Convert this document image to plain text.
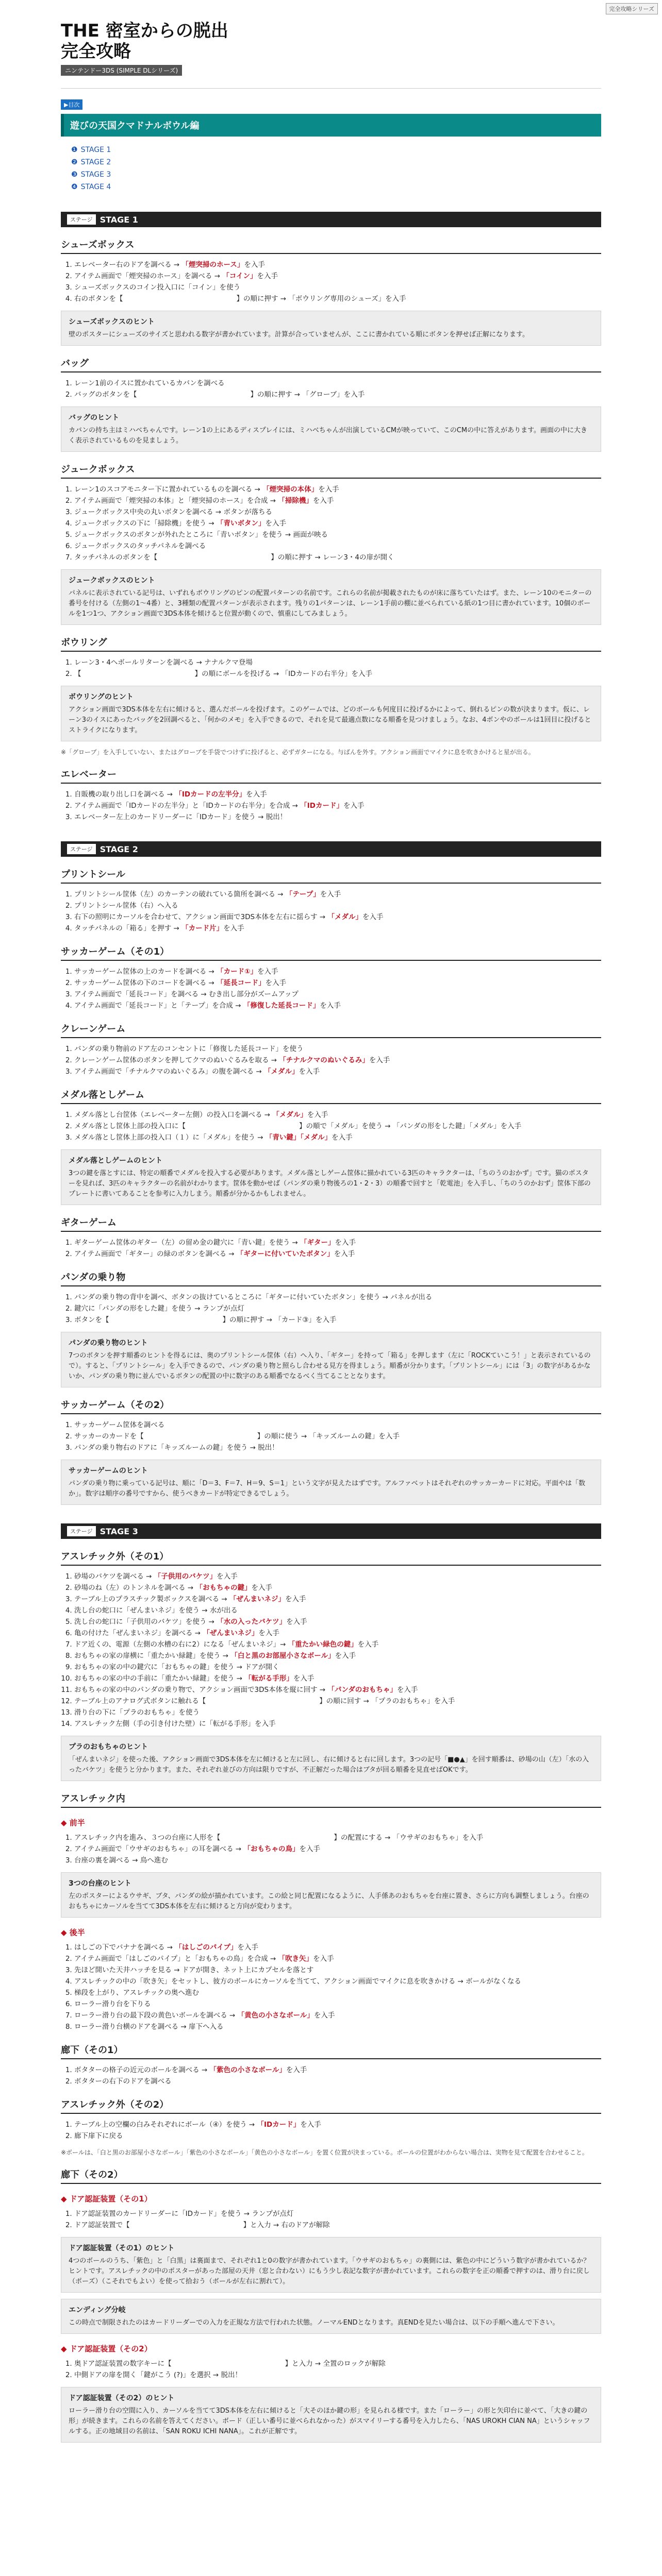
完全攻略シリーズ
THE 密室からの脱出
完全攻略
ニンテンドー3DS (SIMPLE DLシリーズ)
▶目次
遊びの天国クマドナルボウル編
❶ STAGE 1
❷ STAGE 2
❸ STAGE 3
❹ STAGE 4
ステージ STAGE 1
シューズボックス
1. エレベーター右のドアを調べる → 「煙突掃のホース」を入手
2. アイテム画面で「煙突掃のホース」を調べる → 「コイン」を入手
3. シューズボックスのコイン投入口に「コイン」を使う
4. 右のボタンを【	】の順に押す → 「ボウリング専用のシューズ」を入手
シューズボックスのヒント
壁のポスターにシューズのサイズと思われる数字が書かれています。計算が合っていませんが、ここに書かれている順にボタンを押せば正解になります。
バッグ
1. レーン1前のイスに置かれているカバンを調べる
2. バッグのボタンを【	】の順に押す → 「グローブ」を入手
バッグのヒント
カバンの持ち主はミハベちゃんです。レーン1の上にあるディスプレイには、ミハベちゃんが出演しているCMが映っていて、このCMの中に答えがあります。画面の中に大きく表示されているものを見ましょう。
ジュークボックス
1. レーン1のスコアモニター下に置かれているものを調べる → 「煙突掃の本体」を入手
2. アイテム画面で「煙突掃の本体」と「煙突掃のホース」を合成 → 「掃除機」を入手
3. ジュークボックス中央の丸いボタンを調べる → ボタンが落ちる
4. ジュークボックスの下に「掃除機」を使う → 「青いボタン」を入手
5. ジュークボックスのボタンが外れたところに「青いボタン」を使う → 画面が映る
6. ジュークボックスのタッチパネルを調べる
7. タッチパネルのボタンを【	】の順に押す → レーン3・4の扉が開く
ジュークボックスのヒント
パネルに表示されている記号は、いずれもボウリングのピンの配置パターンの名前です。これらの名前が掲載されたものが床に落ちていたはず。また、レーン10のモニターの番号を付ける（左側の1～4番）と、3種類の配置パターンが表示されます。残りの1パターンは、レーン1手前の棚に並べられている紙の1つ目に書かれています。10個のボールを1つ1つ、アクション画面で3DS本体を傾けると位置が動くので、慎重にしてみましょう。
ボウリング
1. レーン3・4へボールリターンを調べる → ナナルクマ登場
2. 【	】の順にボールを投げる → 「IDカードの右半分」を入手
ボウリングのヒント
アクション画面で3DS本体を左右に傾けると、選んだボールを投げます。このゲームでは、どのボールも何度目に投げるかによって、倒れるピンの数が決まります。仮に、レーン3のイスにあったバッグを2回調べると、「何かのメモ」を入手できるので、それを見て最適点数になる順番を見つけましょう。なお、4ボンやのボールは1回目に投げるとストライクになります。
※「グローブ」を入手していない、またはグローブを手袋でつけずに投げると、必ずガターになる。与ばんを外す。アクション画面でマイクに息を吹きかけると星が出る。
エレベーター
1. 自販機の取り出し口を調べる → 「IDカードの左半分」を入手
2. アイテム画面で「IDカードの左半分」と「IDカードの右半分」を合成 → 「IDカード」を入手
3. エレベーター左上のカードリーダーに「IDカード」を使う → 脱出！
ステージ STAGE 2
プリントシール
1. プリントシール筐体（左）のカーテンの破れている箇所を調べる → 「テープ」を入手
2. プリントシール筐体（右）へ入る
3. 右下の照明にカーソルを合わせて、アクション画面で3DS本体を左右に揺らす → 「メダル」を入手
4. タッチパネルの「箱る」を押す → 「カード片」を入手
サッカーゲーム（その1）
1. サッカーゲーム筐体の上のカードを調べる → 「カード①」を入手
2. サッカーゲーム筐体の下のコードを調べる → 「延長コード」を入手
3. アイテム画面で「延長コード」を調べる → むき出し部分がズームアップ
4. アイテム画面で「延長コード」と「テープ」を合成 → 「修復した延長コード」を入手
クレーンゲーム
1. バンダの乗り物前のドア左のコンセントに「修復した延長コード」を使う
2. クレーンゲーム筐体のボタンを押してクマのぬいぐるみを取る → 「チナルクマのぬいぐるみ」を入手
3. アイテム画面で「チナルクマのぬいぐるみ」の腹を調べる → 「メダル」を入手
メダル落としゲーム
1. メダル落とし台筐体（エレベーター左側）の投入口を調べる → 「メダル」を入手
2. メダル落とし筐体上部の投入口に【	】の順で「メダル」を使う → 「パンダの形をした鍵」「メダル」を入手
3. メダル落とし筐体上部の投入口（１）に「メダル」を使う → 「青い鍵」「メダル」を入手
メダル落としゲームのヒント
3つの鍵を落とすには、特定の順番でメダルを投入する必要があります。メダル落としゲーム筐体に描かれている3匹のキャラクターは、「ちのうのおかず」です。猫のポスターを見れば、3匹のキャラクターの名前がわかります。筐体を動かせば（パンダの乗り物後ろの1・2・3）の順番で回すと「乾電池」を入手し、「ちのうのかおず」筐体下部のプレートに書いてあることを参考に入力しまう。順番が分かるかもしれません。
ギターゲーム
1. ギターゲーム筐体のギター（左）の留め金の鍵穴に「青い鍵」を使う → 「ギター」を入手
2. アイテム画面で「ギター」の緑のボタンを調べる → 「ギターに付いていたボタン」を入手
パンダの乗り物
1. パンダの乗り物の背中を調べ、ボタンの抜けているところに「ギターに付いていたボタン」を使う → パネルが出る
2. 鍵穴に「パンダの形をした鍵」を使う → ランプが点灯
3. ボタンを【	】の順に押す → 「カード③」を入手
パンダの乗り物のヒント
7つのボタンを押す順番のヒントを得るには、奥のプリントシール筐体（右）へ入り、「ギター」を持って「箱る」を押します（左に「ROCKていこう！」と表示されているので）。すると、「プリントシール」を入手できるので、パンダの乗り物と照らし合わせる見方を得ましょう。順番が分かります。「プリントシール」には「3」の数字があるかないか、パンダの乗り物に並んでいるボタンの配置の中に数字のある順番でなるべく当てることとなります。
サッカーゲーム（その2）
1. サッカーゲーム筐体を調べる
2. サッカーのカードを【	】の順に使う → 「キッズルームの鍵」を入手
3. パンダの乗り物右のドアに「キッズルームの鍵」を使う → 脱出！
サッカーゲームのヒント
パンダの乗り物に乗っている記号は、順に「D＝3、F＝7、H＝9、S＝1」という文字が見えたはずです。アルファベットはそれぞれのサッカーカードに対応。平面やは「数か」。数字は順序の番号ですから、使うべきカードが特定できるでしょう。
ステージ STAGE 3
アスレチック外（その1）
1. 砂場のバケツを調べる → 「子供用のバケツ」を入手
2. 砂場のね（左）のトンネルを調べる → 「おもちゃの鍵」を入手
3. テーブル上のプラスチック製ボックスを調べる → 「ぜんまいネジ」を入手
4. 洗し台の蛇口に「ぜんまいネジ」を使う → 水が出る
5. 洗し台の蛇口に「子供用のバケツ」を使う → 「水の入ったバケツ」を入手
6. 亀の付けた「ぜんまいネジ」を調べる → 「ぜんまいネジ」を入手
7. ドア近くの、電源（左側の水槽の右に2）になる「ぜんまいネジ」→ 「重たかい緑色の鍵」を入手
8. おもちゃの家の扉横に「重たかい緑鍵」を使う → 「白と黒のお部屋小さなボール」を入手
9. おもちゃの家の中の鍵穴に「おもちゃの鍵」を使う → ドアが開く
10. おもちゃの家の中の手前に「重たかい緑鍵」を使う → 「転がる手形」を入手
11. おもちゃの家の中のパンダの乗り物で、アクション画面で3DS本体を縦に回す → 「パンダのおもちゃ」を入手
12. テーブル上のアナログ式ボタンに触れる【	】の順に回す → 「プラのおもちゃ」を入手
13. 滑り台の下に「プラのおもちゃ」を使う
14. アスレチック左側（手の引き付けた壁）に「転がる手形」を入手
プラのおもちゃのヒント
「ぜんまいネジ」を使った後、アクション画面で3DS本体を左に傾けると左に回し、右に傾けると右に回します。3つの記号「■●▲」を回す順番は、砂場の山（左）「水の入ったバケツ」を使うと分かります。また、それぞれ並びの方向は限りですが、不正解だった場合はブタが回る順番を見直せばOKです。
アスレチック内
◆ 前半
1. アスレチック内を進み、３つの台座に人形を【	】の配置にする → 「ウサギのおもちゃ」を入手
2. アイテム画面で「ウサギのおもちゃ」の耳を調べる → 「おもちゃの鳥」を入手
3. 台座の裏を調べる → 鳥へ進む
3つの台座のヒント
左のポスターによるウサギ、ブタ、パンダの絵が描かれています。この絵と同じ配置になるように、人手係あのおもちゃを台座に置き、さらに方向も調整しましょう。台座のおもちゃにカーソルを当てて3DS本体を左右に傾けると方向が変わります。
◆ 後半
1. はしごの下でバナナを調べる → 「はしごのパイプ」を入手
2. アイテム画面で「はしごのパイプ」と「おもちゃの鳥」を合成 → 「吹き矢」を入手
3. 先ほど開いた天井ハッチを見る → ドアが開き、ネット上にカプセルを落とす
4. アスレチックの中の「吹き矢」をセットし、彼方のボールにカーソルを当てて、アクション画面でマイクに息を吹きかける → ボールがなくなる
5. 梯段を上がり、アスレチックの奥へ進む
6. ローラー滑り台を下りる
7. ローラー滑り台の最下段の黄色いボールを調べる → 「黄色の小さなボール」を入手
8. ローラー滑り台横のドアを調べる → 扉下へ入る
廊下（その1）
1. ボタターの格子の近元のボールを調べる → 「紫色の小さなボール」を入手
2. ボタターの右下のドアを調べる
アスレチック外（その2）
1. テーブル上の空欄の白みそれぞれにボール（④）を使う → 「IDカード」を入手
2. 廊下扉下に戻る
※ボールは、「白と黒のお部屋小さなボール」「紫色の小さなボール」「黄色の小さなボール」を置く位置が決まっている。ボールの位置がわからない場合は、実物を見て配置を合わせること。
廊下（その2）
◆ ドア認証装置（その1）
1. ドア認証装置のカードリーダーに「IDカード」を使う → ランプが点灯
2. ドア認証装置で【	】と入力 → 右のドアが解除
ドア認証装置（その1）のヒント
4つのボールのうち、「紫色」と「白黒」は裏面まで、それぞれ1と0の数字が書かれています。「ウサギのおもちゃ」の裏側には、紫色の中にどういう数字が書かれているか？ヒントです。アスレチックの中のポスターがあった部屋の天井（窓と合わない）にもう少し表記な数字が書かれています。これらの数字を正の順番で押すのは、滑り台に戻し（ポーズ）（こそれでもよい）を使って拾おう（ボールが左右に割れて）。
エンディング分岐
この時点で制限されたのはカードリーダーでの入力を正規な方法で行われた状態。ノーマルENDとなります。真ENDを見たい場合は、以下の手順へ進んで下さい。
◆ ドア認証装置（その2）
1. 奥ドア認証装置の数字キーに【	】と入力 → 全置のロックが解除
2. 中側ドアの扉を開く「鍵がこう (?)」を選択 → 脱出！
ドア認証装置（その2）のヒント
ローラー滑り台の空間に入り、カーソルを当てて3DS本体を左右に傾けると「大そのほか鍵の形」を見られる様です。また「ローラー」の形と矢印台に並べて、「大きの鍵の形」が続きます。これらの名前を答えてください。ボード（正しい番号に並べられなかった）がスマイリーする番号を入力したら、「NAS UROKH CIAN NA」というシャッフルする。正の地域目の名前は、「SAN ROKU ICHI NANA」。これが正解です。
